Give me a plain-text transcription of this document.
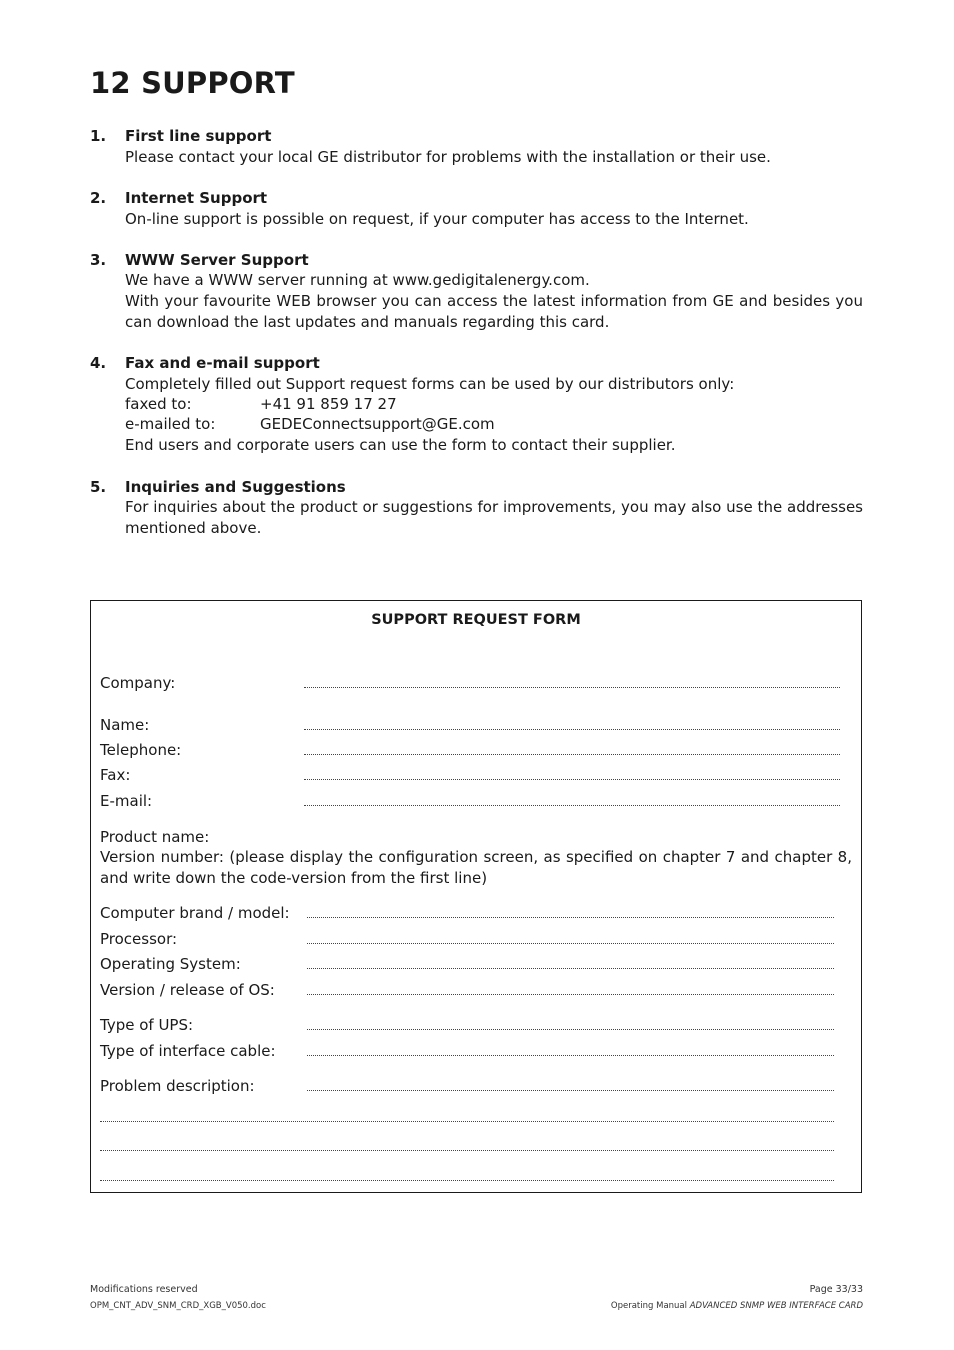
12 SUPPORT
1. First line support
Please contact your local GE distributor for problems with the installation or their use.
2. Internet Support
On-line support is possible on request, if your computer has access to the Internet.
3. WWW Server Support
We have a WWW server running at www.gedigitalenergy.com.
With your favourite WEB browser you can access the latest information from GE and besides you can download the last updates and manuals regarding this card.
4. Fax and e-mail support
Completely filled out Support request forms can be used by our distributors only:
faxed to:	+41 91 859 17 27
e-mailed to:	GEDEConnectsupport@GE.com
End users and corporate users can use the form to contact their supplier.
5. Inquiries and Suggestions
For inquiries about the product or suggestions for improvements, you may also use the addresses mentioned above.
SUPPORT REQUEST FORM
Company:
Name:
Telephone:
Fax:
E-mail:
Product name:
Version number: (please display the configuration screen, as specified on chapter 7 and chapter 8, and write down the code-version from the first line)
Computer brand / model:
Processor:
Operating System:
Version / release of OS:
Type of UPS:
Type of interface cable:
Problem description:
Modifications reserved
OPM_CNT_ADV_SNM_CRD_XGB_V050.doc
Page 33/33
Operating Manual ADVANCED SNMP WEB INTERFACE CARD
